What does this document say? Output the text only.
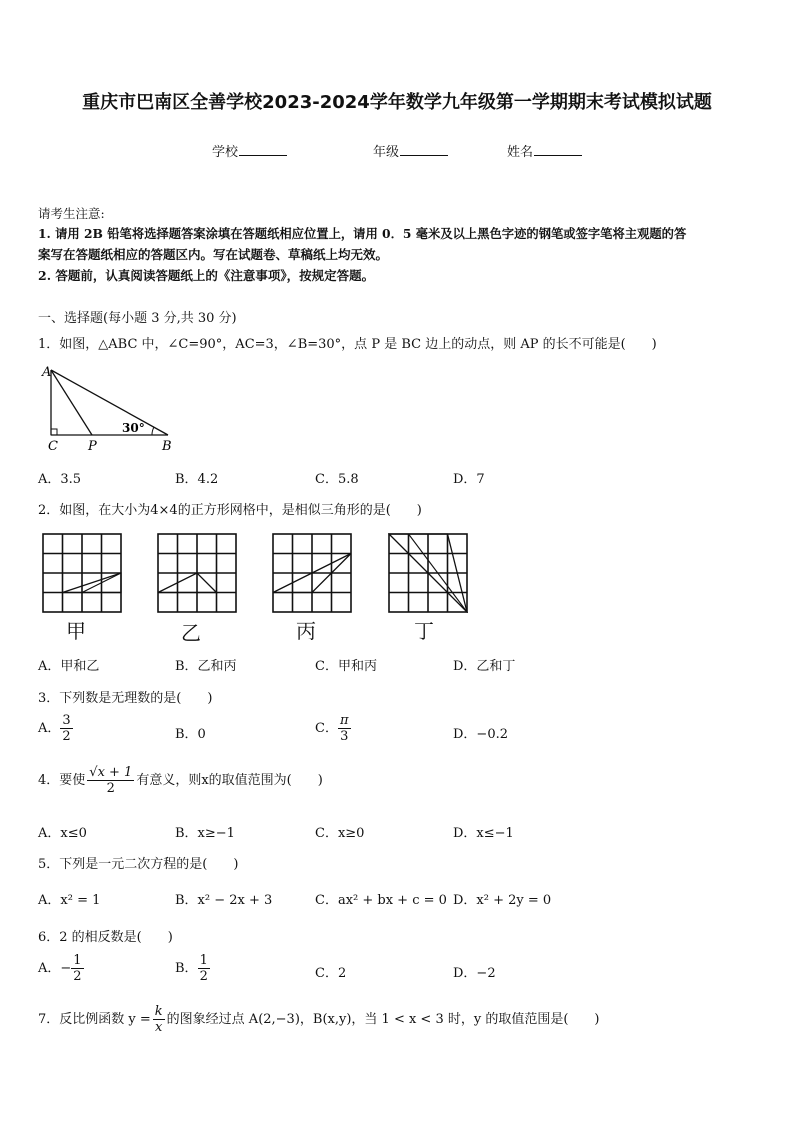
重庆市巴南区全善学校2023-2024学年数学九年级第一学期期末考试模拟试题
学校	年级	姓名
请考生注意:
1. 请用 2B 铅笔将选择题答案涂填在答题纸相应位置上，请用 0．5 毫米及以上黑色字迹的钢笔或签字笔将主观题的答
案写在答题纸相应的答题区内。写在试题卷、草稿纸上均无效。
2. 答题前，认真阅读答题纸上的《注意事项》，按规定答题。
一、选择题(每小题 3 分,共 30 分)
1．如图，△ABC 中，∠C=90°，AC=3，∠B=30°，点 P 是 BC 边上的动点，则 AP 的长不可能是(　　)
A
C P	B
30°
A．3.5	B．4.2	C．5.8	D．7
2．如图，在大小为4×4的正方形网格中，是相似三角形的是(　　)
甲	乙	丙	丁
A．甲和乙	B．乙和丙	C．甲和丙	D．乙和丁
3．下列数是无理数的是(　　)
A． $\frac{3}{2}$	B．0	C． $\frac{\pi}{3}$	D．−0.2
4．要使 $\frac{√x + 1}{2}$ 有意义，则x的取值范围为(　　)
A．x≤0	B．x≥−1	C．x≥0	D．x≤−1
5．下列是一元二次方程的是(　　)
A．x² = 1	B．x² − 2x + 3	C．ax² + bx + c = 0 D．x² + 2y = 0
6．2 的相反数是(　　)
A．− $\frac{1}{2}$	B． $\frac{1}{2}$	C．2	D．−2
7．反比例函数 $y = \frac{k}{x}$ 的图象经过点 A(2,−3)，B(x,y)，当 1 < x < 3 时，y 的取值范围是(　　)
